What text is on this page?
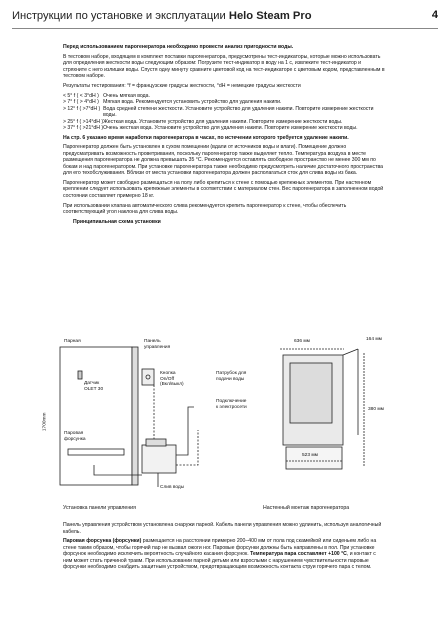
Инструкции по установке и эксплуатации Helo Steam Pro	4

Перед использованием парогенератора необходимо провести анализ пригодности воды.

В тестовом наборе, входящем в комплект поставки парогенератора, предусмотрены тест-индикаторы, которые можно использовать для определения жесткости воды следующим образом: Погрузите тест-индикатор в воду на 1 с, извлеките тест-индикатор и стряхните с него излишки воды. Спустя одну минуту сравните цветовой код на тест-индикаторе с цветовым кодом, представленным в тестовом наборе.

Результаты тестирования: °f = французские градусы жесткости, °dH = немецкие градусы жесткости

< 5° f ( < 3°dH )	Очень мягкая вода.
> 7° f ( > 4°dH )	Мягкая вода. Рекомендуется установить устройство для удаления накипи.
> 12° f ( >7°dH )	Вода средней степени жесткости. Установите устройство для удаления накипи. Повторите измерение жесткости воды.
> 25° f ( >14°dH )	Жесткая вода. Установите устройство для удаления накипи. Повторите измерение жесткости воды.
> 37° f ( >21°dH )	Очень жесткая вода. Установите устройство для удаления накипи. Повторите измерение жесткости воды.

На стр. 6 указано время наработки парогенератора в часах, по истечении которого требуется удаление накипи.

Парогенератор должен быть установлен в сухом помещении (вдали от источников воды и влаги). Помещение должно предусматривать возможность проветривания, поскольку парогенератор также выделяет тепло. Температура воздуха в месте размещения парогенератора не должна превышать 35 °C. Рекомендуется оставлять свободное пространство не менее 300 мм по бокам и над парогенератором. При установке парогенератора также необходимо предусмотреть наличие достаточного пространства для его техобслуживания. Вблизи от места установки парогенератора должен располагаться сток для слива воды из бака.

Парогенератор может свободно размещаться на полу либо крепиться к стене с помощью крепежных элементов. При настенном креплении следует использовать крепежные элементы в соответствии с материалом стен. Вес парогенератора в заполненном водой состоянии составляет примерно 18 кг.

При использовании клапана автоматического слива рекомендуется крепить парогенератор к стене, чтобы обеспечить соответствующий угол наклона для слива воды.

Принципиальная схема установки
Парная
Датчик
OLET 30
Панель
управления
Кнопка
On/Off
(Вкл/выкл)
Патрубок для
подачи воды
Подключение
к электросети
Паровая
форсунка
Слив воды
1700mm
636 мм	164 мм
380 мм
523 мм
Установка панели управления	Настенный монтаж парогенератора

Панель управления устройством установлена снаружи парной. Кабель панели управления можно удлинить, используя аналогичный кабель.

Паровая форсунка (форсунки) размещается на расстоянии примерно 200–400 мм от пола под скамейкой или сиденьем либо на стене таким образом, чтобы горячий пар не вызвал ожоги ног. Паровые форсунки должны быть направлены в пол. При установке форсунок необходимо исключить вероятность случайного касания форсунок. Температура пара составляет +100 °C, и контакт с ним может стать причиной травм. При использовании парной детьми или взрослыми с нарушением чувствительности паровые форсунки необходимо снабдить защитным устройством, предотвращающим возможность контакта струи горячего пара с телом.
